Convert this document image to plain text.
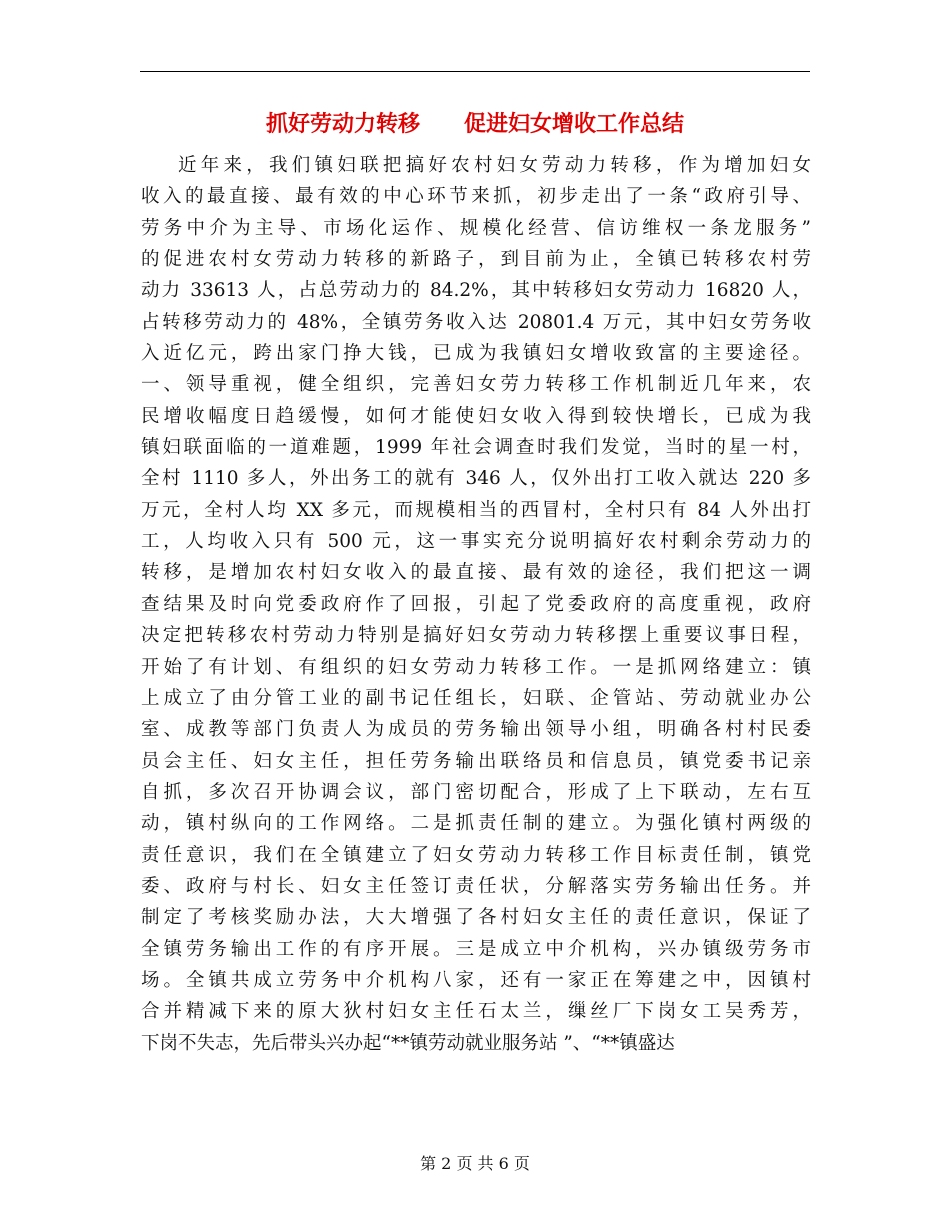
抓好劳动力转移　　促进妇女增收工作总结
近年来，我们镇妇联把搞好农村妇女劳动力转移，作为增加妇女
收入的最直接、最有效的中心环节来抓，初步走出了一条“政府引导、
劳务中介为主导、市场化运作、规模化经营、信访维权一条龙服务”
的促进农村女劳动力转移的新路子，到目前为止，全镇已转移农村劳
动力 33613 人，占总劳动力的 84.2%，其中转移妇女劳动力 16820 人，
占转移劳动力的 48%，全镇劳务收入达 20801.4 万元，其中妇女劳务收
入近亿元，跨出家门挣大钱，已成为我镇妇女增收致富的主要途径。
一、领导重视，健全组织，完善妇女劳力转移工作机制近几年来，农
民增收幅度日趋缓慢，如何才能使妇女收入得到较快增长，已成为我
镇妇联面临的一道难题，1999 年社会调查时我们发觉，当时的星一村，
全村 1110 多人，外出务工的就有 346 人，仅外出打工收入就达 220 多
万元，全村人均 XX 多元，而规模相当的西冒村，全村只有 84 人外出打
工，人均收入只有 500 元，这一事实充分说明搞好农村剩余劳动力的
转移，是增加农村妇女收入的最直接、最有效的途径，我们把这一调
查结果及时向党委政府作了回报，引起了党委政府的高度重视，政府
决定把转移农村劳动力特别是搞好妇女劳动力转移摆上重要议事日程，
开始了有计划、有组织的妇女劳动力转移工作。一是抓网络建立：镇
上成立了由分管工业的副书记任组长，妇联、企管站、劳动就业办公
室、成教等部门负责人为成员的劳务输出领导小组，明确各村村民委
员会主任、妇女主任，担任劳务输出联络员和信息员，镇党委书记亲
自抓，多次召开协调会议，部门密切配合，形成了上下联动，左右互
动，镇村纵向的工作网络。二是抓责任制的建立。为强化镇村两级的
责任意识，我们在全镇建立了妇女劳动力转移工作目标责任制，镇党
委、政府与村长、妇女主任签订责任状，分解落实劳务输出任务。并
制定了考核奖励办法，大大增强了各村妇女主任的责任意识，保证了
全镇劳务输出工作的有序开展。三是成立中介机构，兴办镇级劳务市
场。全镇共成立劳务中介机构八家，还有一家正在筹建之中，因镇村
合并精减下来的原大狄村妇女主任石太兰，缫丝厂下岗女工吴秀芳，
下岗不失志，先后带头兴办起“**镇劳动就业服务站 ”、“**镇盛达
第 2 页 共 6 页
